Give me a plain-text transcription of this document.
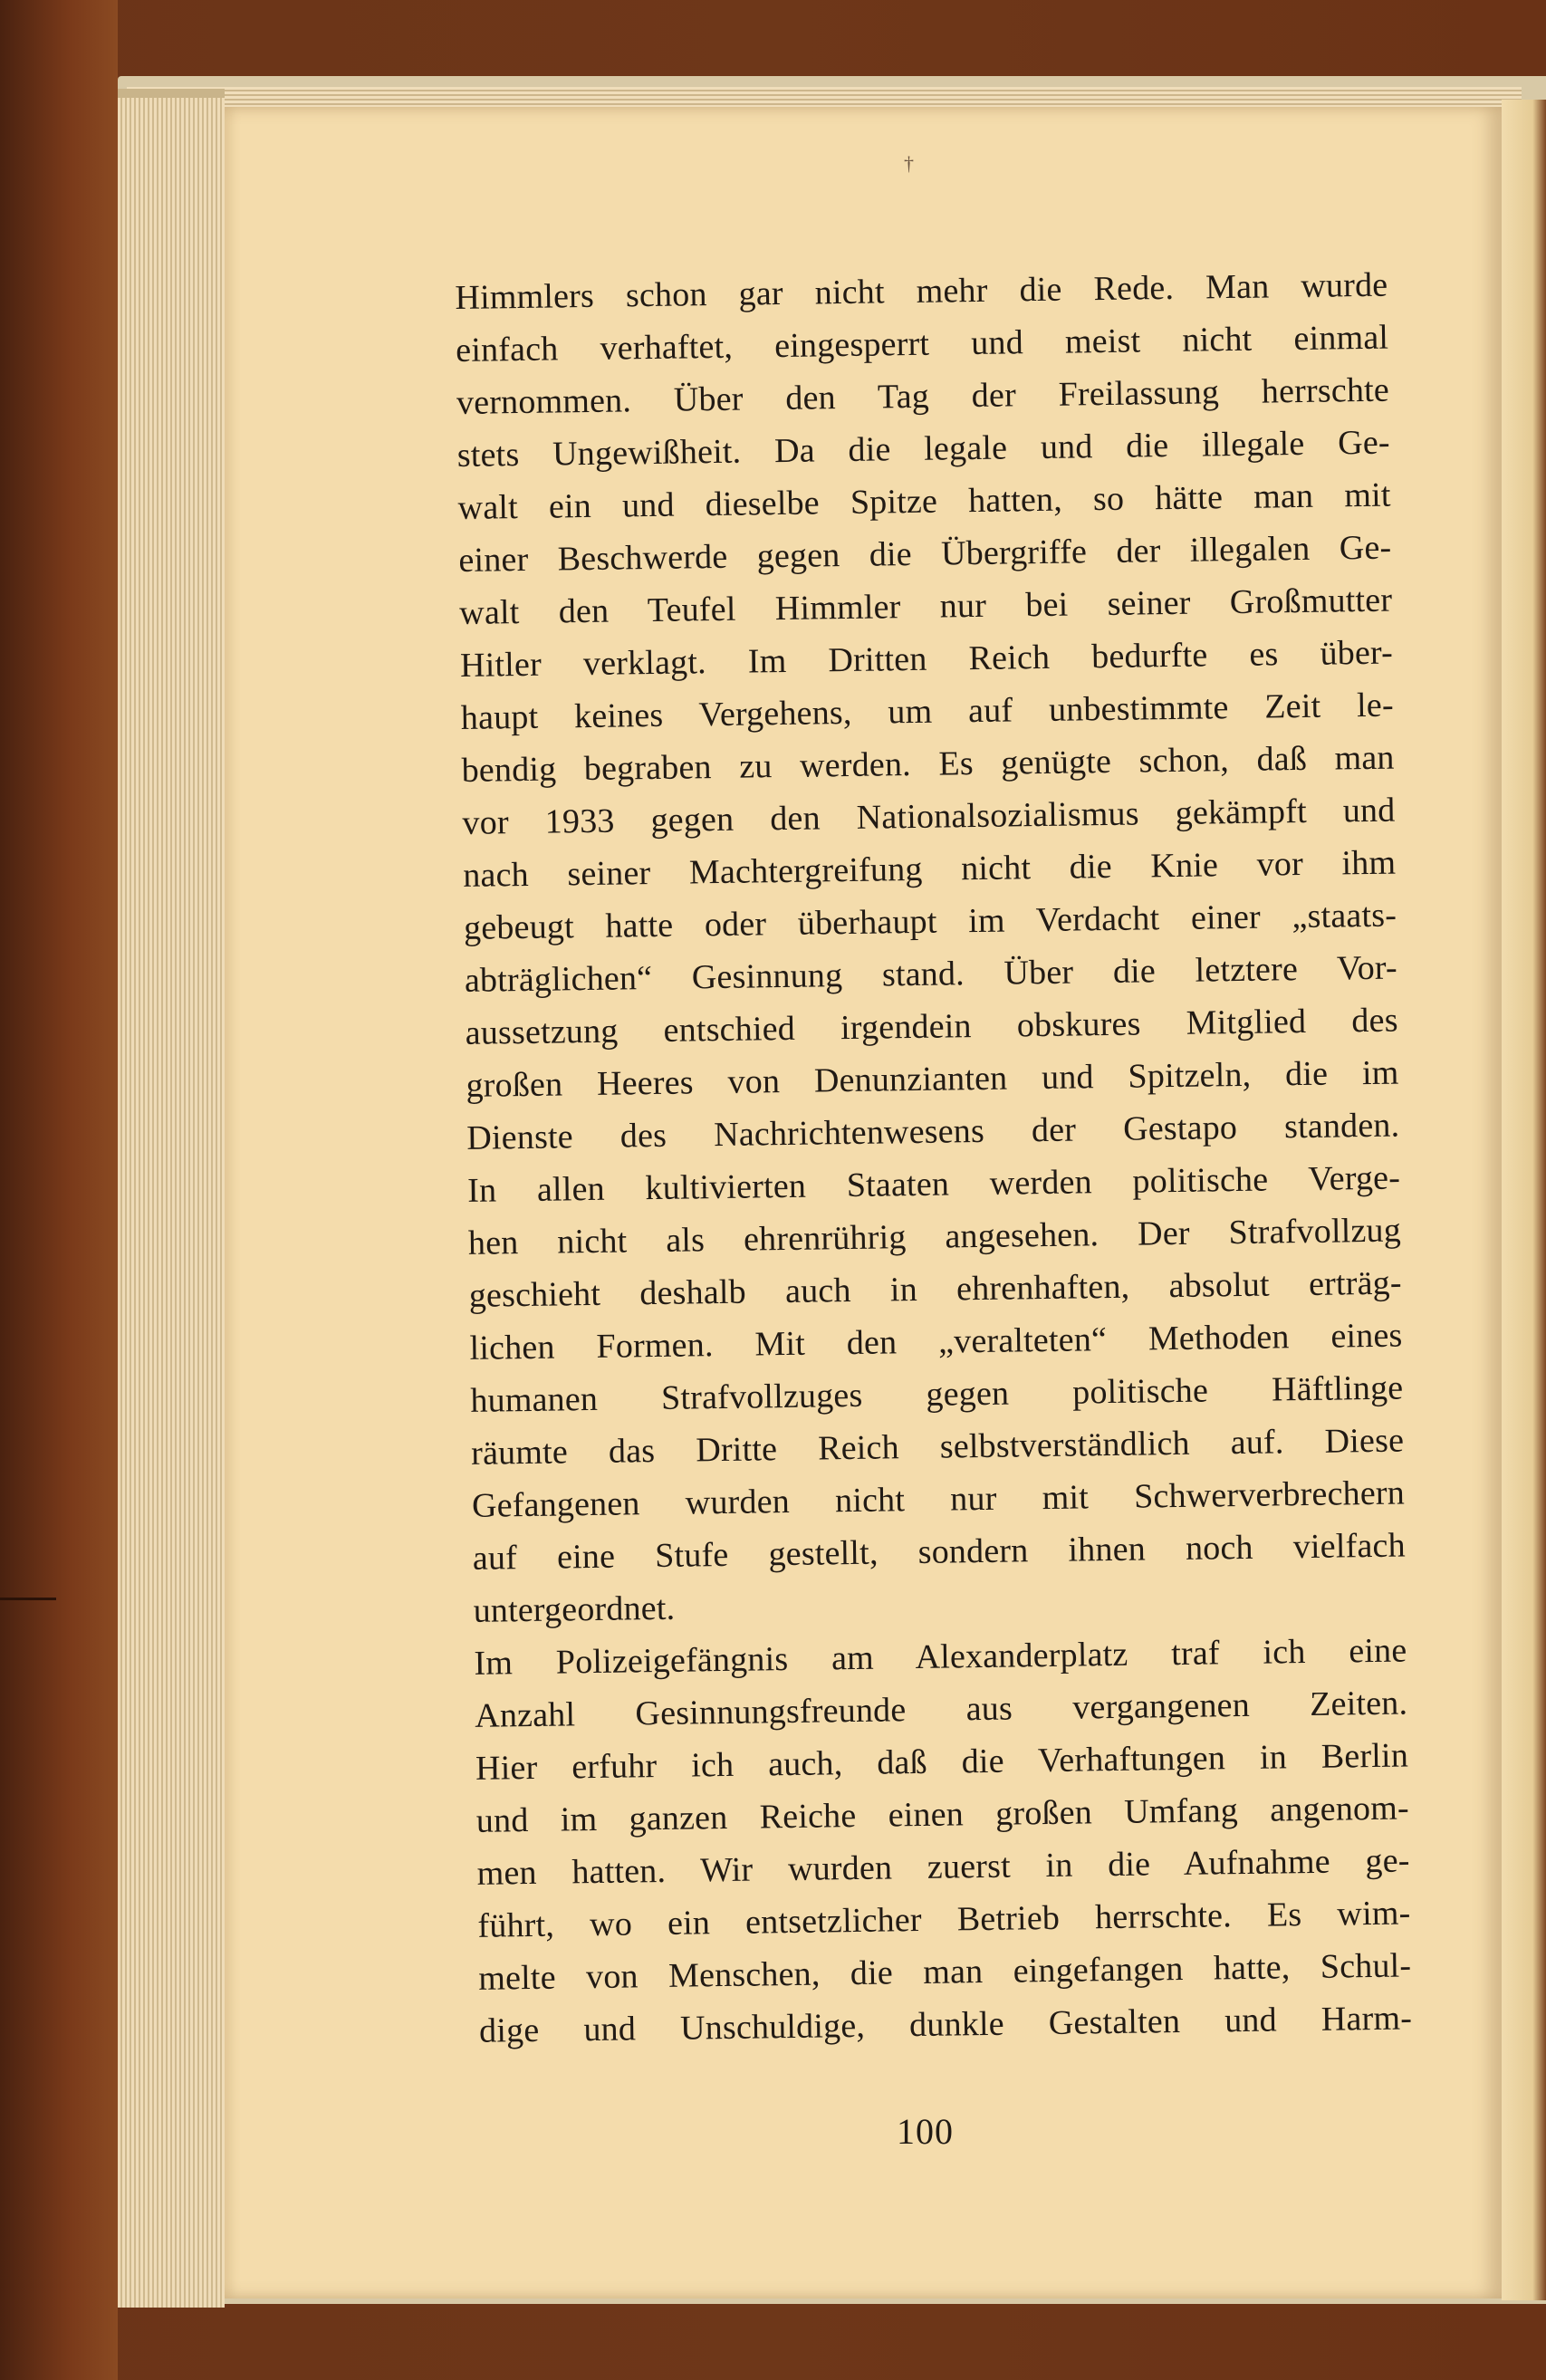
†
Himmlers schon gar nicht mehr die Rede. Man wurde
einfach verhaftet, eingesperrt und meist nicht einmal
vernommen. Über den Tag der Freilassung herrschte
stets Ungewißheit. Da die legale und die illegale Ge-
walt ein und dieselbe Spitze hatten, so hätte man mit
einer Beschwerde gegen die Übergriffe der illegalen Ge-
walt den Teufel Himmler nur bei seiner Großmutter
Hitler verklagt. Im Dritten Reich bedurfte es über-
haupt keines Vergehens, um auf unbestimmte Zeit le-
bendig begraben zu werden. Es genügte schon, daß man
vor 1933 gegen den Nationalsozialismus gekämpft und
nach seiner Machtergreifung nicht die Knie vor ihm
gebeugt hatte oder überhaupt im Verdacht einer „staats-
abträglichen“ Gesinnung stand. Über die letztere Vor-
aussetzung entschied irgendein obskures Mitglied des
großen Heeres von Denunzianten und Spitzeln, die im
Dienste des Nachrichtenwesens der Gestapo standen.
In allen kultivierten Staaten werden politische Verge-
hen nicht als ehrenrührig angesehen. Der Strafvollzug
geschieht deshalb auch in ehrenhaften, absolut erträg-
lichen Formen. Mit den „veralteten“ Methoden eines
humanen Strafvollzuges gegen politische Häftlinge
räumte das Dritte Reich selbstverständlich auf. Diese
Gefangenen wurden nicht nur mit Schwerverbrechern
auf eine Stufe gestellt, sondern ihnen noch vielfach
untergeordnet.
Im Polizeigefängnis am Alexanderplatz traf ich eine
Anzahl Gesinnungsfreunde aus vergangenen Zeiten.
Hier erfuhr ich auch, daß die Verhaftungen in Berlin
und im ganzen Reiche einen großen Umfang angenom-
men hatten. Wir wurden zuerst in die Aufnahme ge-
führt, wo ein entsetzlicher Betrieb herrschte. Es wim-
melte von Menschen, die man eingefangen hatte, Schul-
dige und Unschuldige, dunkle Gestalten und Harm-
100
